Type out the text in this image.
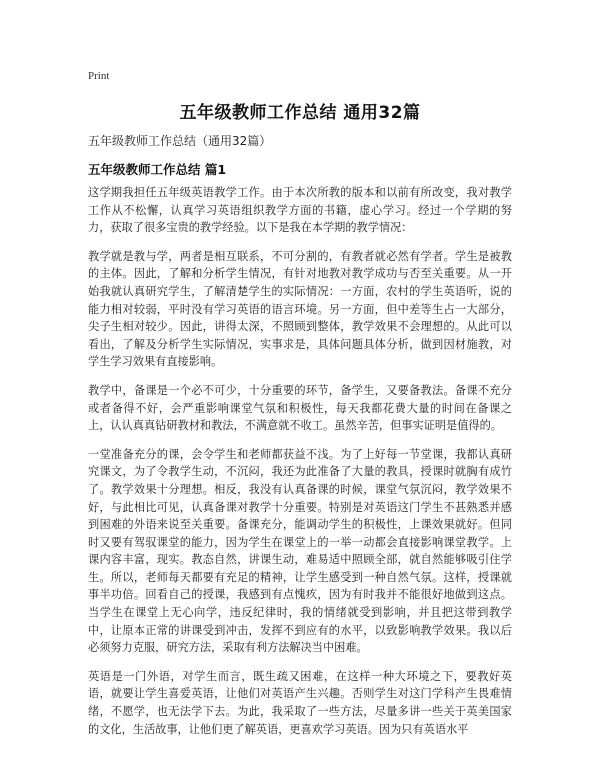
Print
五年级教师工作总结 通用32篇
五年级教师工作总结（通用32篇）
五年级教师工作总结 篇1

这学期我担任五年级英语教学工作。由于本次所教的版本和以前有所改变，我对教学工作从不松懈，认真学习英语组织教学方面的书籍，虚心学习。经过一个学期的努力，获取了很多宝贵的教学经验。以下是我在本学期的教学情况：

教学就是教与学，两者是相互联系，不可分割的，有教者就必然有学者。学生是被教的主体。因此，了解和分析学生情况，有针对地教对教学成功与否至关重要。从一开始我就认真研究学生，了解清楚学生的实际情况：一方面，农村的学生英语听，说的能力相对较弱，平时没有学习英语的语言环境。另一方面，但中差等生占一大部分，尖子生相对较少。因此，讲得太深，不照顾到整体，教学效果不会理想的。从此可以看出，了解及分析学生实际情况，实事求是，具体问题具体分析，做到因材施教，对学生学习效果有直接影响。

教学中，备课是一个必不可少，十分重要的环节，备学生，又要备教法。备课不充分或者备得不好，会严重影响课堂气氛和积极性，每天我都花费大量的时间在备课之上，认认真真钻研教材和教法，不满意就不收工。虽然辛苦，但事实证明是值得的。

一堂准备充分的课，会令学生和老师都获益不浅。为了上好每一节堂课，我都认真研究课文，为了令教学生动，不沉闷，我还为此准备了大量的教具，授课时就胸有成竹了。教学效果十分理想。相反，我没有认真备课的时候，课堂气氛沉闷，教学效果不好，与此相比可见，认真备课对教学十分重要。特别是对英语这门学生不甚熟悉并感到困难的外语来说至关重要。备课充分，能调动学生的积极性，上课效果就好。但同时又要有驾驭课堂的能力，因为学生在课堂上的一举一动都会直接影响课堂教学。上课内容丰富，现实。教态自然，讲课生动，难易适中照顾全部，就自然能够吸引住学生。所以，老师每天都要有充足的精神，让学生感受到一种自然气氛。这样，授课就事半功倍。回看自己的授课，我感到有点愧疚，因为有时我并不能很好地做到这点。当学生在课堂上无心向学，违反纪律时，我的情绪就受到影响，并且把这带到教学中，让原本正常的讲课受到冲击，发挥不到应有的水平，以致影响教学效果。我以后必须努力克服，研究方法，采取有利方法解决当中困难。

英语是一门外语，对学生而言，既生疏又困难，在这样一种大环境之下，要教好英语，就要让学生喜爱英语，让他们对英语产生兴趣。否则学生对这门学科产生畏难情绪，不愿学，也无法学下去。为此，我采取了一些方法，尽量多讲一些关于英美国家的文化，生活故事，让他们更了解英语，更喜欢学习英语。因为只有英语水平
